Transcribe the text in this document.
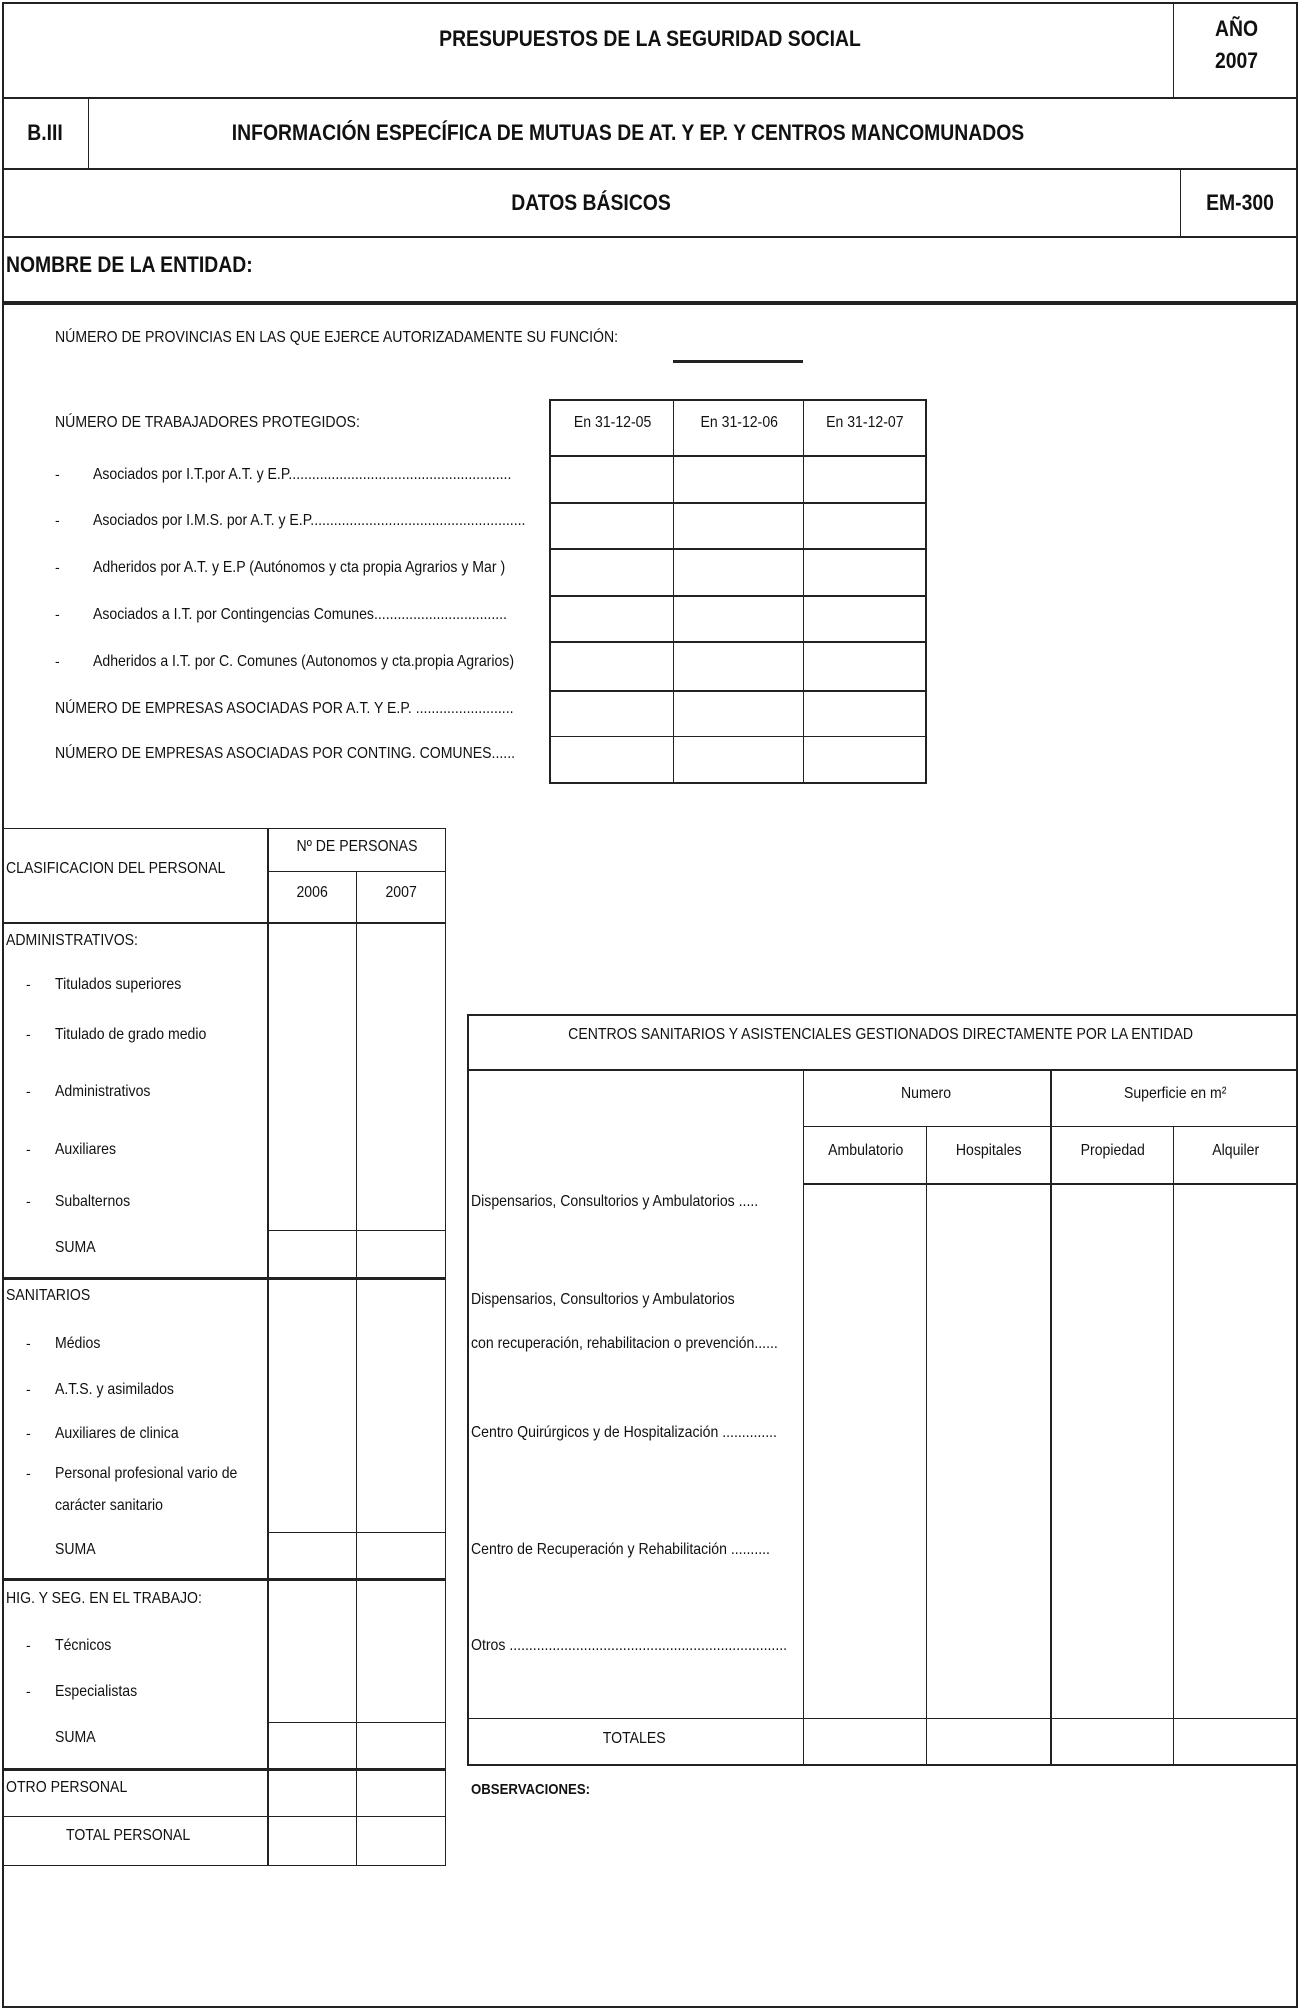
PRESUPUESTOS DE LA SEGURIDAD SOCIAL	AÑO
2007
B.III	INFORMACIÓN ESPECÍFICA DE MUTUAS DE AT. Y EP. Y CENTROS MANCOMUNADOS
DATOS BÁSICOS	EM-300
NOMBRE DE LA ENTIDAD:
NÚMERO DE PROVINCIAS EN LAS QUE EJERCE AUTORIZADAMENTE SU FUNCIÓN:
NÚMERO DE TRABAJADORES PROTEGIDOS:	En 31-12-05	En 31-12-06	En 31-12-07
- Asociados por I.T.por A.T. y E.P.........................................................
- Asociados por I.M.S. por A.T. y E.P.......................................................
- Adheridos por A.T. y E.P (Autónomos y cta propia Agrarios y Mar )
- Asociados a I.T. por Contingencias Comunes..................................
- Adheridos a I.T. por C. Comunes (Autonomos y cta.propia Agrarios)
NÚMERO DE EMPRESAS ASOCIADAS POR A.T. Y E.P. .........................
NÚMERO DE EMPRESAS ASOCIADAS POR CONTING. COMUNES......
CLASIFICACION DEL PERSONAL
Nº DE PERSONAS
2006	2007
ADMINISTRATIVOS:
- Titulados superiores
- Titulado de grado medio
- Administrativos
- Auxiliares
- Subalternos
SUMA
SANITARIOS
- Médios
- A.T.S. y asimilados
- Auxiliares de clinica
- Personal profesional vario de
carácter sanitario
SUMA
HIG. Y SEG. EN EL TRABAJO:
- Técnicos
- Especialistas
SUMA
OTRO PERSONAL
TOTAL PERSONAL
CENTROS SANITARIOS Y ASISTENCIALES GESTIONADOS DIRECTAMENTE POR LA ENTIDAD
Numero	Superficie en m²
Ambulatorio	Hospitales	Propiedad	Alquiler
Dispensarios, Consultorios y Ambulatorios .....
Dispensarios, Consultorios y Ambulatorios
con recuperación, rehabilitacion o prevención......
Centro Quirúrgicos y de Hospitalización ..............
Centro de Recuperación y Rehabilitación ..........
Otros .......................................................................
TOTALES
OBSERVACIONES:
